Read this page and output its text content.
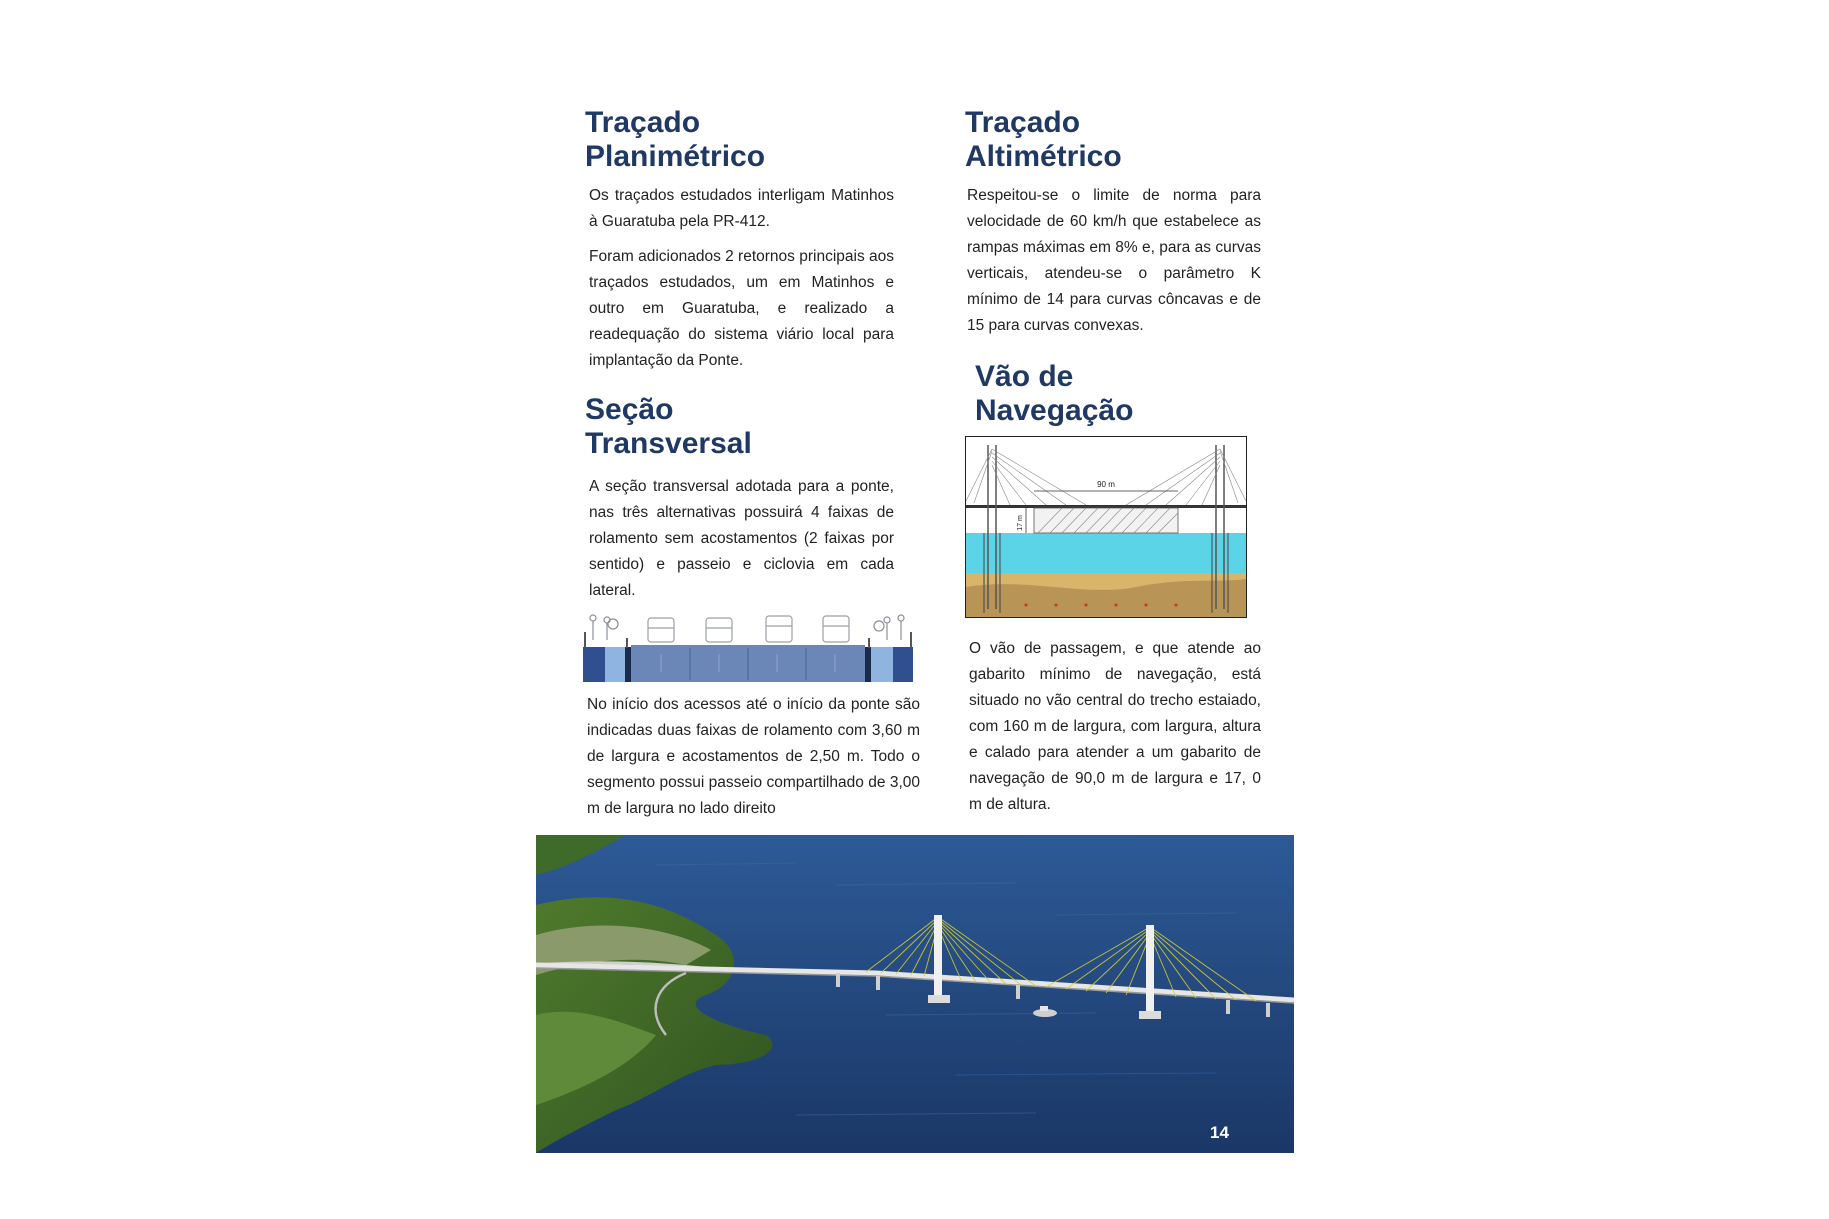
Traçado
Planimétrico

Os traçados estudados interligam Matinhos à Guaratuba pela PR-412.

Foram adicionados 2 retornos principais aos traçados estudados, um em Matinhos e outro em Guaratuba, e realizado a readequação do sistema viário local para implantação da Ponte.

Seção
Transversal

A seção transversal adotada para a ponte, nas três alternativas possuirá 4 faixas de rolamento sem acostamentos (2 faixas por sentido) e passeio e ciclovia em cada lateral.

No início dos acessos até o início da ponte são indicadas duas faixas de rolamento com 3,60 m de largura e acostamentos de 2,50 m. Todo o segmento possui passeio compartilhado de 3,00 m de largura no lado direito

Traçado
Altimétrico

Respeitou-se o limite de norma para velocidade de 60 km/h que estabelece as rampas máximas em 8% e, para as curvas verticais, atendeu-se o parâmetro K mínimo de 14 para curvas côncavas e de 15 para curvas convexas.

Vão de
Navegação
90 m
17 m

O vão de passagem, e que atende ao gabarito mínimo de navegação, está situado no vão central do trecho estaiado, com 160 m de largura, com largura, altura e calado para atender a um gabarito de navegação de 90,0 m de largura e 17, 0 m de altura.

14
